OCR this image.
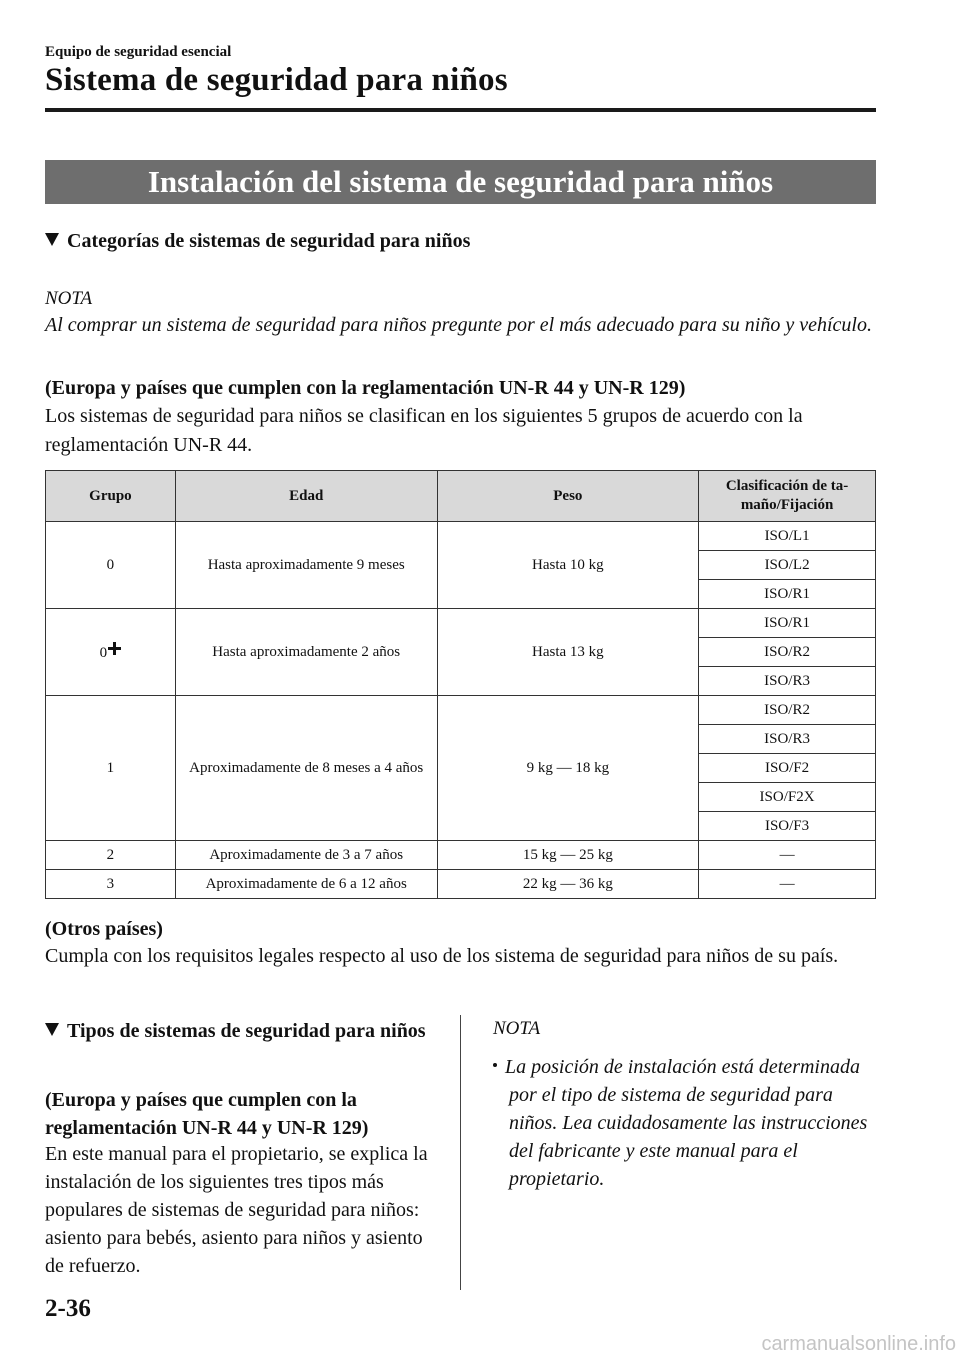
Equipo de seguridad esencial
Sistema de seguridad para niños
Instalación del sistema de seguridad para niños
Categorías de sistemas de seguridad para niños
NOTA
Al comprar un sistema de seguridad para niños pregunte por el más adecuado para su niño y vehículo.
(Europa y países que cumplen con la reglamentación UN-R 44 y UN-R 129)
Los sistemas de seguridad para niños se clasifican en los siguientes 5 grupos de acuerdo con la reglamentación UN-R 44.
Grupo	Edad	Peso	Clasificación de ta-maño/Fijación
0	Hasta aproximadamente 9 meses	Hasta 10 kg	ISO/L1
			ISO/L2
			ISO/R1
0	Hasta aproximadamente 2 años	Hasta 13 kg	ISO/R1
			ISO/R2
			ISO/R3
1	Aproximadamente de 8 meses a 4 años	9 kg — 18 kg	ISO/R2
			ISO/R3
			ISO/F2
			ISO/F2X
			ISO/F3
2	Aproximadamente de 3 a 7 años	15 kg — 25 kg	—
3	Aproximadamente de 6 a 12 años	22 kg — 36 kg	—
(Otros países)
Cumpla con los requisitos legales respecto al uso de los sistema de seguridad para niños de su país.
Tipos de sistemas de seguridad para niños
(Europa y países que cumplen con la reglamentación UN-R 44 y UN-R 129)
En este manual para el propietario, se explica la instalación de los siguientes tres tipos más populares de sistemas de seguridad para niños: asiento para bebés, asiento para niños y asiento de refuerzo.
NOTA
La posición de instalación está determinada por el tipo de sistema de seguridad para niños. Lea cuidadosamente las instrucciones del fabricante y este manual para el propietario.
2-36
carmanualsonline.info
